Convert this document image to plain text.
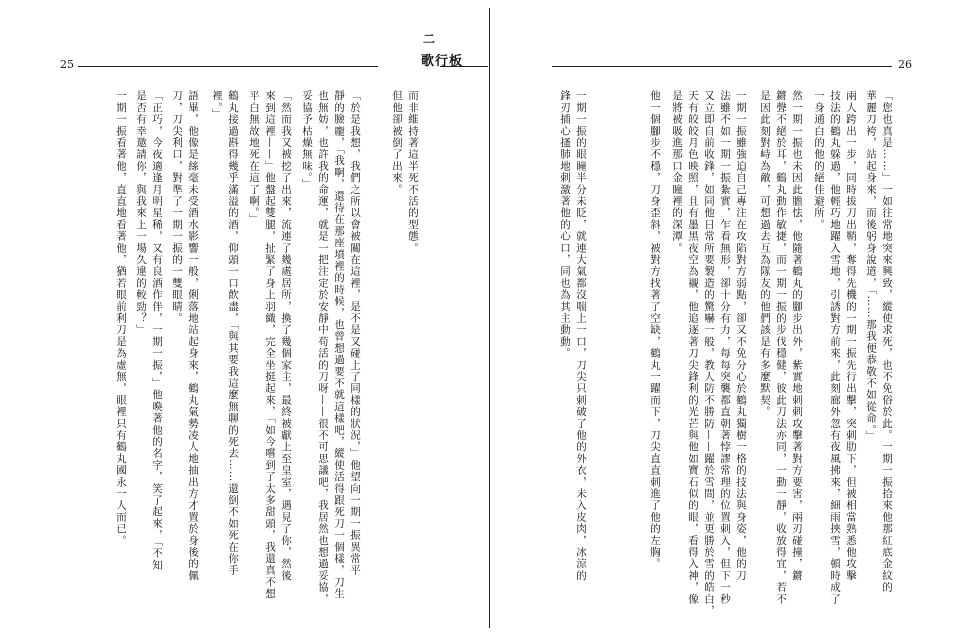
25
二
歌行板
而非維持著這半死不活的型態。
但他卻被倒了出來。
「於是我想，我們之所以會被關在這裡，是不是又碰上了同樣的狀況，」他望向一期一振異常平
靜的臉龐，「我啊，還待在那座墳裡的時候，也曾想過要不就這樣吧，縱使活得跟死刀一個樣，刀生
也無妨，也許我的命運，就是一把注定於安靜中苟活的刀呀——很不可思議吧，我居然也想過妥協，
妥協予枯燥無味。」
「然而我又被挖了出來，流連了幾處居所，換了幾個家主，最終被獻上至皇室，遇見了你，然後
來到這裡——」他盤起雙腿，扯緊了身上羽織，完全坐挺起來，「如今嚐到了太多甜頭，我還真不想
平白無故地死在這了啊。」
鶴丸接過斟得幾乎滿溢的酒，仰頭一口飲盡，「與其要我這麼無聊的死去……還倒不如死在你手
裡。」
語畢，他像是絲毫未受酒水影響一般，俐落地站起身來，鶴丸氣勢凌人地抽出方才置於身後的佩
刀，刀尖利口，對準了一期一振的一雙眼睛。
「正巧，今夜適逢月明星稀，又有良酒作伴，一期一振，」他喚著他的名字，笑了起來，「不知
是否有幸邀請你，與我來上一場久違的較勁？」
一期一振看著他，直直地看著他，猶若眼前利刀是為虛無，眼裡只有鶴丸國永一人而已。
26
「您也真是……」一如往常地突來興致，縱使求死，也不免俗於此。一期一振拾來他那紅底金紋的
華麗刀袴，站起身來，而後躬身說道，「……那我便恭敬不如從命。」
兩人跨出一步，同時拔刀出鞘，奪得先機的一期一振先行出擊，突刺肋下，但被相當熟悉他攻擊
技法的鶴丸躲過，他輕巧地躍入雪地，引誘對方前來，此刻廊外忽有夜風拂來，細雨挾雪，頓時成了
一身通白的他的絕佳避所。
然一期一振也未因此膽怯，他隨著鶴丸的腳步出外，紫實地刺刺攻擊著對方要害，兩刃碰撞，鏘
鏘聲不絕於耳，鶴丸動作敏捷，而一期一振的步伐穩健，彼此刀法亦同，一動一靜，收放得宜，若不
是因此刻對峙為敵，可想過去互為隊友的他們該是有多麼默契。
一期一振雖強迫自己專注在攻陷對方弱點，卻又不免分心於鶴丸獨樹一格的技法與身姿，他的刀
法雖不如一期一振紮實，乍看無形，卻十分有力，每每突襲都直朝著悖謬常理的位置刺入，但下一秒
又立即自前收鋒，如同他日常所要製造的驚嚇一般，教人防不勝防——躍於雪間，並更勝於雪的皓白，
天有皎皎月色映照，且有墨黑夜空為襯，他追逐著刀尖鋒利的光芒與他如寶石似的眼，看得入神，像
是將被吸進那口金瞳裡的深潭。
他一個腳步不穩，刀身歪斜，被對方找著了空缺，鶴丸一躍而下，刀尖直直刺進了他的左胸。
一期一振的眼瞳半分未眨，就連大氣都沒喘上一口，刀尖只刺破了他的外衣，未入皮肉，冰涼的
鋒刃插心搔肺地刺激著他的心口，同也為其主動動。
